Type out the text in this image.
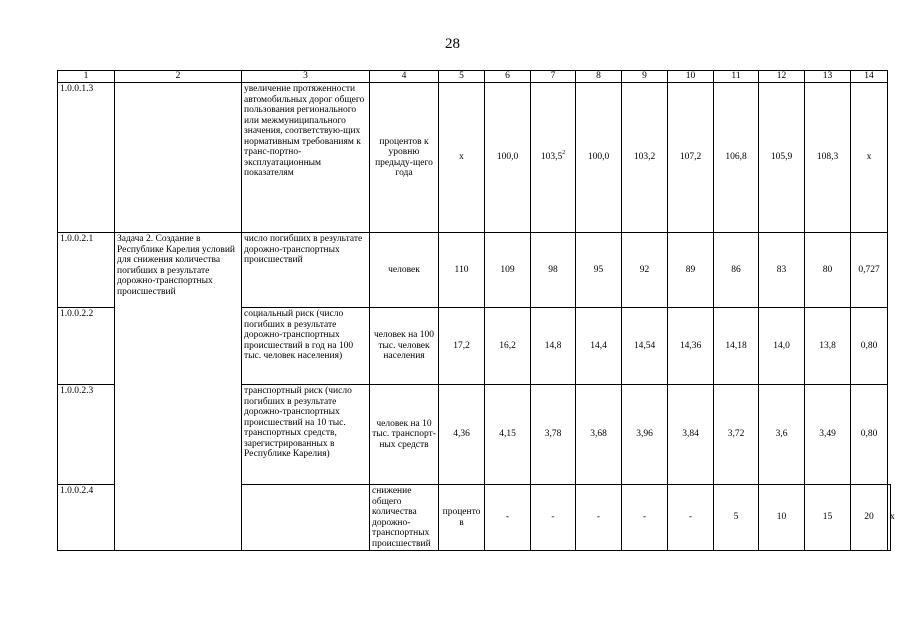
28
1	2	3	4	5	6	7	8	9	10	11	12	13	14	
1.0.0.1.3		увеличение протяженности автомобильных дорог общего пользования регионального или межмуниципального значения, соответствую-щих нормативным требованиям к транс-портно-эксплуатационным показателям	процентов к уровню предыду-щего года	х	100,0	103,5$^2$	100,0	103,2	107,2	106,8	105,9	108,3	х	
1.0.0.2.1	Задача 2. Создание в Республике Карелия условий для снижения количества погибших в результате дорожно-транспортных происшествий	число погибших в результате дорожно-транспортных происшествий	человек	110	109	98	95	92	89	86	83	80	0,727	
1.0.0.2.2		социальный риск (число погибших в результате дорожно-транспортных происшествий в год на 100 тыс. человек населения)	человек на 100 тыс. человек населения	17,2	16,2	14,8	14,4	14,54	14,36	14,18	14,0	13,8	0,80	
1.0.0.2.3		транспортный риск (число погибших в результате дорожно-транспортных происшествий на 10 тыс. транспортных средств, зарегистрированных в Республике Карелия)	человек на 10 тыс. транспорт-ных средств	4,36	4,15	3,78	3,68	3,96	3,84	3,72	3,6	3,49	0,80	
1.0.0.2.4			снижение общего количества дорожно-транспортных происшествий	процентов	-	-	-	-	-	5	10	15	20	х
